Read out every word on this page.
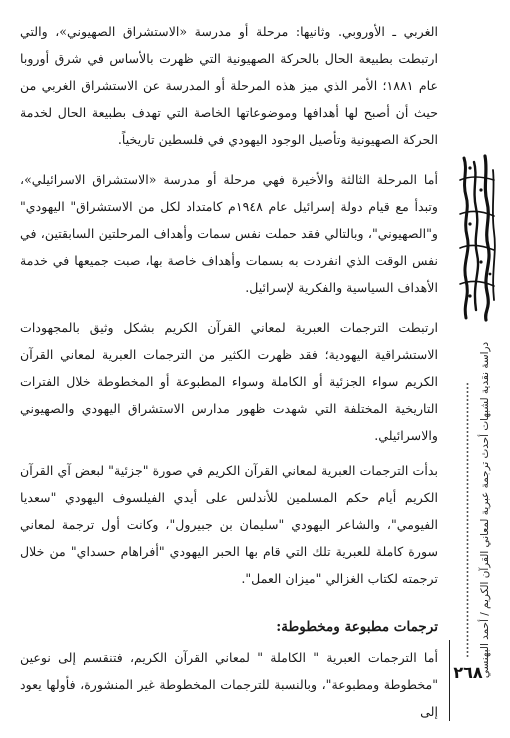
الغربي ـ الأوروبي. وثانيها: مرحلة أو مدرسة «الاستشراق الصهيوني»، والتي ارتبطت بطبيعة الحال بالحركة الصهيونية التي ظهرت بالأساس في شرق أوروبا عام ١٨٨١؛ الأمر الذي ميز هذه المرحلة أو المدرسة عن الاستشراق الغربي من حيث أن أصبح لها أهدافها وموضوعاتها الخاصة التي تهدف بطبيعة الحال لخدمة الحركة الصهيونية وتأصيل الوجود اليهودي في فلسطين تاريخياً.

أما المرحلة الثالثة والأخيرة فهي مرحلة أو مدرسة «الاستشراق الاسرائيلي»، وتبدأ مع قيام دولة إسرائيل عام ١٩٤٨م كامتداد لكل من الاستشراق" اليهودي" و"الصهيوني"، وبالتالي فقد حملت نفس سمات وأهداف المرحلتين السابقتين، في نفس الوقت الذي انفردت به بسمات وأهداف خاصة بها، صبت جميعها في خدمة الأهداف السياسية والفكرية لإسرائيل.

ارتبطت الترجمات العبرية لمعاني القرآن الكريم بشكل وثيق بالمجهودات الاستشراقية اليهودية؛ فقد ظهرت الكثير من الترجمات العبرية لمعاني القرآن الكريم سواء الجزئية أو الكاملة وسواء المطبوعة أو المخطوطة خلال الفترات التاريخية المختلفة التي شهدت ظهور مدارس الاستشراق اليهودي والصهيوني والاسرائيلي.

بدأت الترجمات العبرية لمعاني القرآن الكريم في صورة "جزئية" لبعض آي القرآن الكريم أيام حكم المسلمين للأندلس على أيدي الفيلسوف اليهودي "سعديا الفيومي"، والشاعر اليهودي "سليمان بن جبيرول"، وكانت أول ترجمة لمعاني سورة كاملة للعبرية تلك التي قام بها الحبر اليهودي "أفراهام حسداي" من خلال ترجمته لكتاب الغزالي "ميزان العمل".

ترجمات مطبوعة ومخطوطة:

أما الترجمات العبرية " الكاملة " لمعاني القرآن الكريم، فتنقسم إلى نوعين "مخطوطة ومطبوعة"، وبالنسبة للترجمات المخطوطة غير المنشورة، فأولها يعود إلى

دراسة نقدية لشبهات أحدث ترجمة عبرية لمعاني القرآن الكريم / أحمد البهنسي
٢٦٨
